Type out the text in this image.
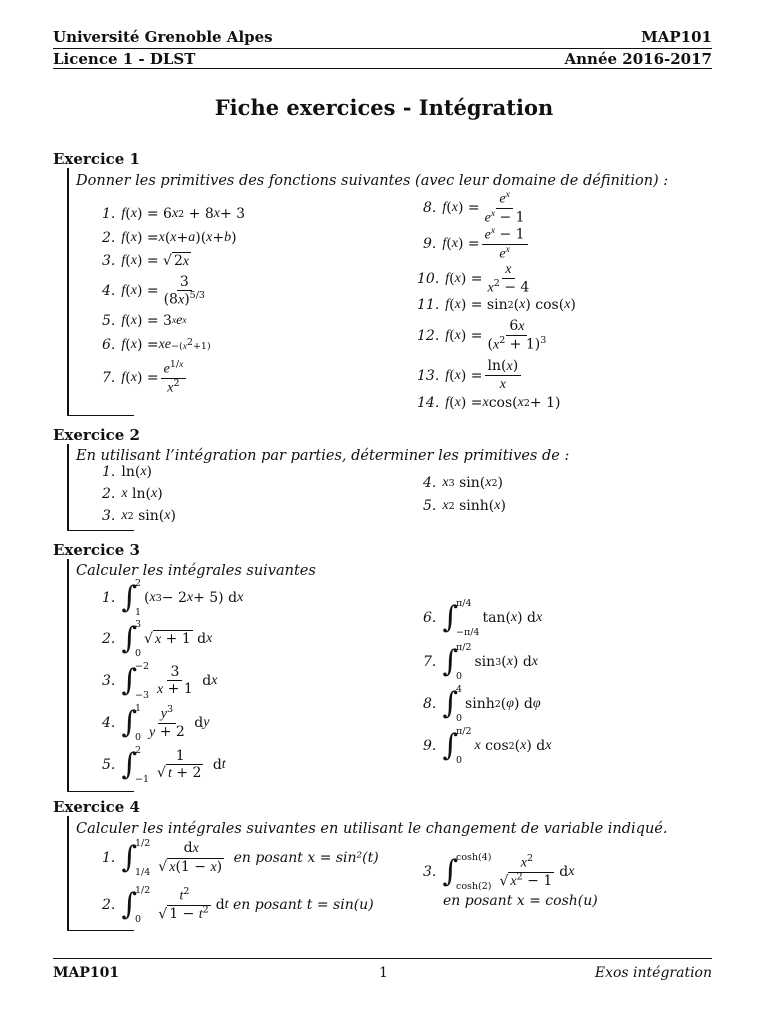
Université Grenoble Alpes	MAP101
Licence 1 - DLST	Année 2016-2017
Fiche exercices - Intégration
Exercice 1
Donner les primitives des fonctions suivantes (avec leur domaine de définition) :
1. f ( x ) = 6 x 2 + 8 x + 3
2. f ( x ) = x ( x + a )( x + b )
3. f ( x ) = √ 2x
4. f ( x ) = $\frac{3}{(8x)^{5/3}}$
5. f ( x ) = 3 x e x
6. f ( x ) = xe $-(x^2+1)$
7. f ( x ) = $\frac{e^{1/x}}{x^2}$
8. f ( x ) = $\frac{e^x}{e^x - 1}$
9. f ( x ) = $\frac{e^x - 1}{e^x}$
10. f ( x ) = $\frac{x}{x^2 - 4}$
11. f ( x ) = sin 2 ( x ) cos( x )
12. f ( x ) = $\frac{6x}{(x^2 + 1)^3}$
13. f ( x ) = $\frac{\ln(x)}{x}$
14. f ( x ) = x cos( x 2 + 1)
Exercice 2
En utilisant l’intégration par parties, déterminer les primitives de :
1. ln( x )
2. x ln( x )
3. x 2 sin( x )
4. x 3 sin( x 2 )
5. x 2 sinh( x )
Exercice 3
Calculer les intégrales suivantes
1. ∫
2
1
( x 3 − 2 x + 5) d x
2. ∫
3
0
√ x + 1 d x
3. ∫
−2
$-3 \frac{3}{x + 1}$ d x
4. ∫
1
$0 \frac{y^3}{y + 2}$ d y
5. ∫
2
$-1 \frac{1}{√ t + 2}$ d t
6. ∫
π/4
−π/4
tan( x ) d x
7. ∫
π/2
0
sin 3 ( x ) d x
8. ∫
4
0
sinh 2 ( φ ) d φ
9. ∫
π/2
0
x cos 2 ( x ) d x
Exercice 4
Calculer les intégrales suivantes en utilisant le changement de variable indiqué.
1. ∫
1/2
$1/4 \frac{dx}{√ x(1 - x)}$
en posant x = sin²(t)
2. ∫
1/2
0	$\frac{t^2}{√ 1 - t^2}$ d t
en posant t = sin(u)
3. ∫
cosh(4)
$\cosh(2) \frac{x^2}{√ x^2 - 1}$ d x
en posant x = cosh(u)
MAP101	1	Exos intégration
